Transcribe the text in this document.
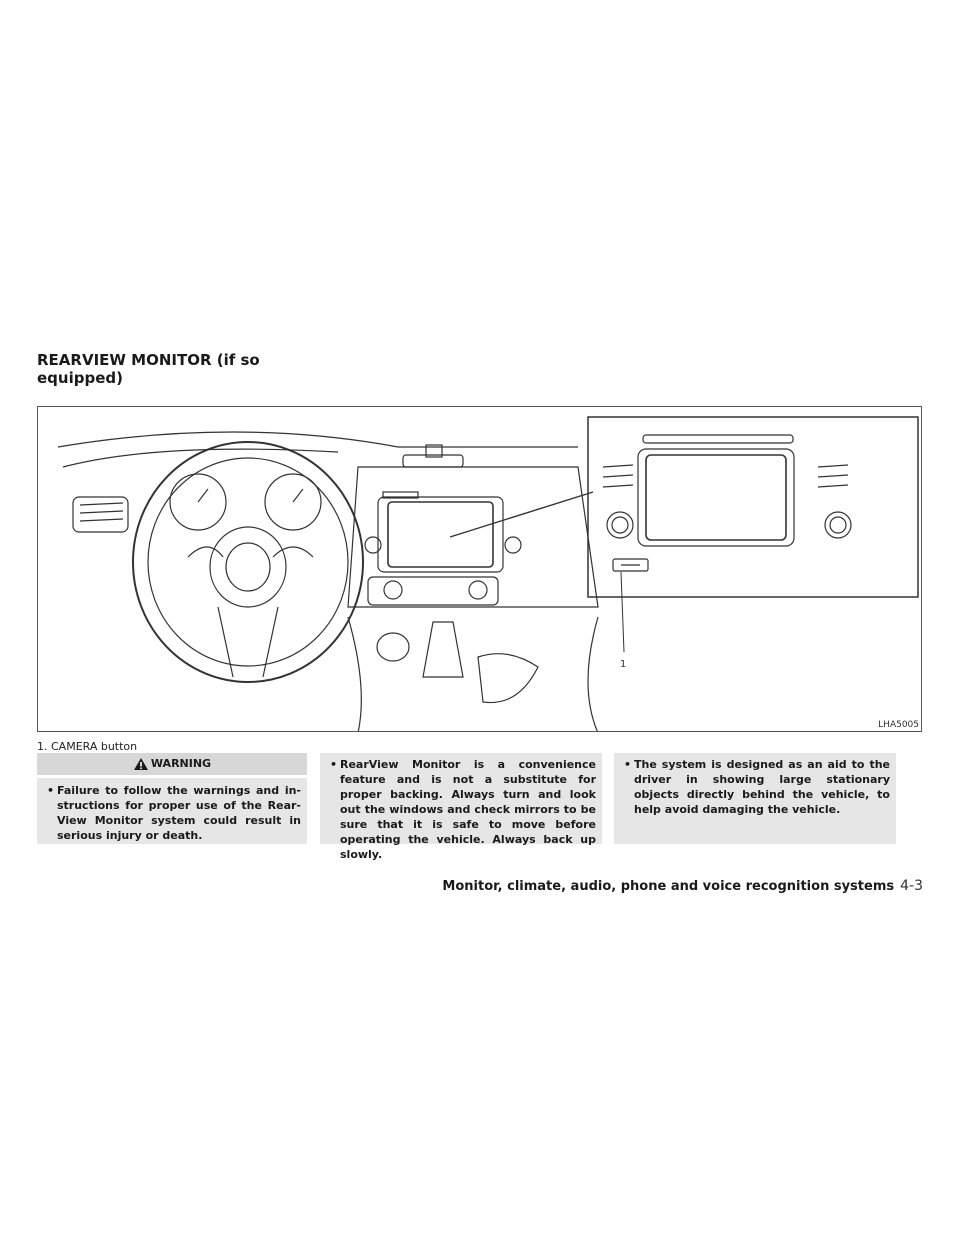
REARVIEW MONITOR (if so equipped)
1
LHA5005
1. CAMERA button
WARNING
• Failure to follow the warnings and instructions for proper use of the RearView Monitor system could result in serious injury or death.
• RearView Monitor is a convenience feature and is not a substitute for proper backing. Always turn and look out the windows and check mirrors to be sure that it is safe to move before operating the vehicle. Always back up slowly.
• The system is designed as an aid to the driver in showing large stationary objects directly behind the vehicle, to help avoid damaging the vehicle.
Monitor, climate, audio, phone and voice recognition systems 4-3
